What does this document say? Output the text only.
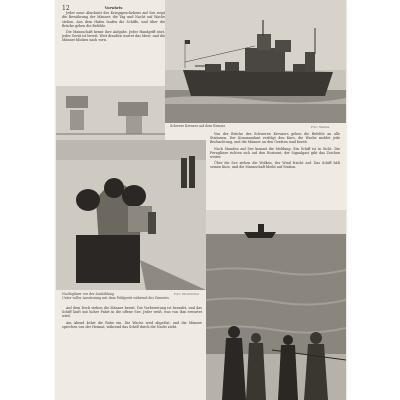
12	Vorwärts

Jeder neue Abschnitt des Kriegsgeschehens auf See zeigt die Bewährung der Männer, die Tag und Nacht auf Wache stehen. Aus dem Hafen laufen die Schiffe, und über die Brücke gehen die Befehle.

Die Mannschaft kennt ihre Aufgabe. Jeder Handgriff sitzt, jedes Gerät ist bereit. Weit draußen wartet das Meer, und die Männer blicken nach vorn.

Schwere Kreuzer auf dem Einsatz	Foto: Marine
Nachtgläser vor der Ausbildung
Unter voller Ausrüstung mit dem Feldgerät während des Dienstes
Foto: PK-Schröter

Von der Brücke des Schweren Kreuzers gehen die Befehle an alle Stationen. Der Kommandant verfolgt den Kurs, die Wache meldet jede Beobachtung, und die Männer an den Geräten sind bereit.

Nach Stunden auf See kommt die Meldung: Ein Schiff ist in Sicht. Die Ferngläser richten sich auf den Horizont, der Signalgast gibt das Zeichen weiter.

Über die See ziehen die Wolken, der Wind frischt auf. Das Schiff hält seinen Kurs, und die Mannschaft bleibt auf Station.

Auf dem Deck stehen die Männer bereit. Die Vorbereitung ist beendet, und das Schiff läuft mit hoher Fahrt in die offene See. Jeder weiß, was von ihm erwartet wird.

Am Abend kehrt die Ruhe ein. Die Wache wird abgelöst, und die Männer sprechen von der Heimat, während das Schiff durch die Nacht zieht.
